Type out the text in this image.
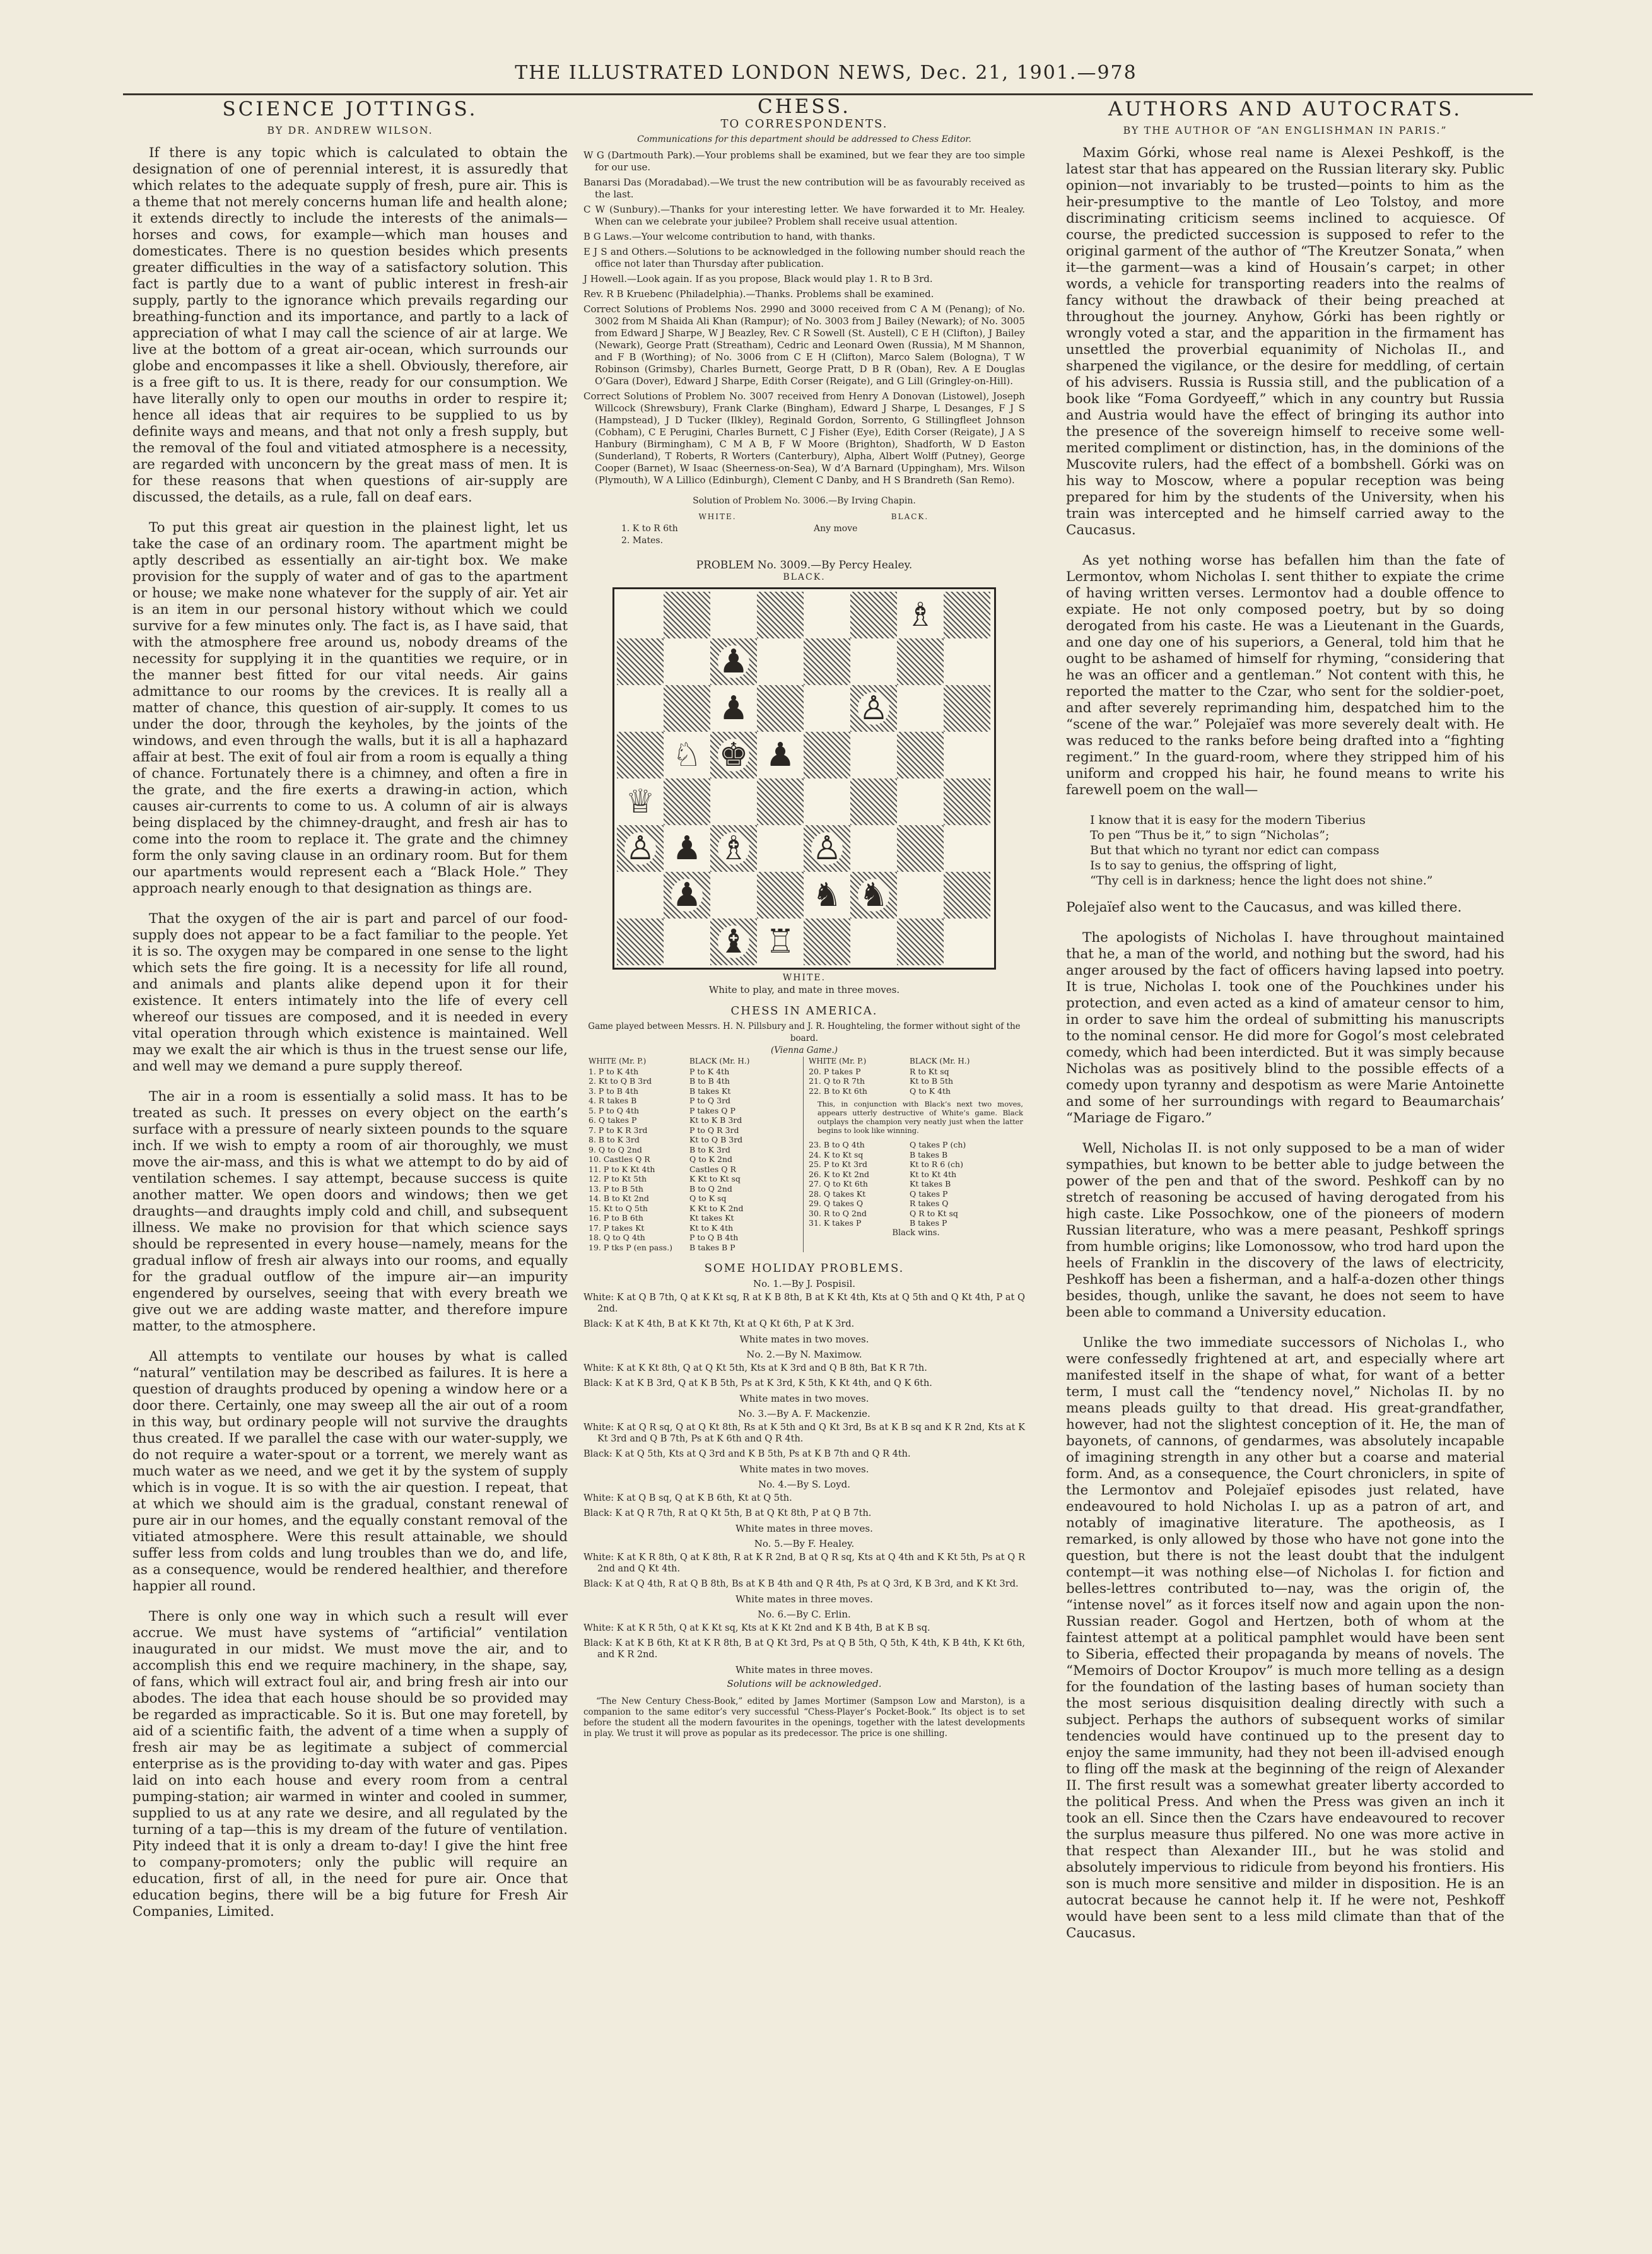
THE ILLUSTRATED LONDON NEWS, Dec. 21, 1901.—978
SCIENCE JOTTINGS.
BY DR. ANDREW WILSON.

If there is any topic which is calculated to obtain the designation of one of perennial interest, it is assuredly that which relates to the adequate supply of fresh, pure air. This is a theme that not merely concerns human life and health alone; it extends directly to include the interests of the animals—horses and cows, for example—which man houses and domesticates. There is no question besides which presents greater difficulties in the way of a satisfactory solution. This fact is partly due to a want of public interest in fresh-air supply, partly to the ignorance which prevails regarding our breathing-function and its importance, and partly to a lack of appreciation of what I may call the science of air at large. We live at the bottom of a great air-ocean, which surrounds our globe and encompasses it like a shell. Obviously, therefore, air is a free gift to us. It is there, ready for our consumption. We have literally only to open our mouths in order to respire it; hence all ideas that air requires to be supplied to us by definite ways and means, and that not only a fresh supply, but the removal of the foul and vitiated atmosphere is a necessity, are regarded with unconcern by the great mass of men. It is for these reasons that when questions of air-supply are discussed, the details, as a rule, fall on deaf ears.

To put this great air question in the plainest light, let us take the case of an ordinary room. The apartment might be aptly described as essentially an air-tight box. We make provision for the supply of water and of gas to the apartment or house; we make none whatever for the supply of air. Yet air is an item in our personal history without which we could survive for a few minutes only. The fact is, as I have said, that with the atmosphere free around us, nobody dreams of the necessity for supplying it in the quantities we require, or in the manner best fitted for our vital needs. Air gains admittance to our rooms by the crevices. It is really all a matter of chance, this question of air-supply. It comes to us under the door, through the keyholes, by the joints of the windows, and even through the walls, but it is all a haphazard affair at best. The exit of foul air from a room is equally a thing of chance. Fortunately there is a chimney, and often a fire in the grate, and the fire exerts a drawing-in action, which causes air-currents to come to us. A column of air is always being displaced by the chimney-draught, and fresh air has to come into the room to replace it. The grate and the chimney form the only saving clause in an ordinary room. But for them our apartments would represent each a “Black Hole.” They approach nearly enough to that designation as things are.

That the oxygen of the air is part and parcel of our food-supply does not appear to be a fact familiar to the people. Yet it is so. The oxygen may be compared in one sense to the light which sets the fire going. It is a necessity for life all round, and animals and plants alike depend upon it for their existence. It enters intimately into the life of every cell whereof our tissues are composed, and it is needed in every vital operation through which existence is maintained. Well may we exalt the air which is thus in the truest sense our life, and well may we demand a pure supply thereof.

The air in a room is essentially a solid mass. It has to be treated as such. It presses on every object on the earth’s surface with a pressure of nearly sixteen pounds to the square inch. If we wish to empty a room of air thoroughly, we must move the air-mass, and this is what we attempt to do by aid of ventilation schemes. I say attempt, because success is quite another matter. We open doors and windows; then we get draughts—and draughts imply cold and chill, and subsequent illness. We make no provision for that which science says should be represented in every house—namely, means for the gradual inflow of fresh air always into our rooms, and equally for the gradual outflow of the impure air—an impurity engendered by ourselves, seeing that with every breath we give out we are adding waste matter, and therefore impure matter, to the atmosphere.

All attempts to ventilate our houses by what is called “natural” ventilation may be described as failures. It is here a question of draughts produced by opening a window here or a door there. Certainly, one may sweep all the air out of a room in this way, but ordinary people will not survive the draughts thus created. If we parallel the case with our water-supply, we do not require a water-spout or a torrent, we merely want as much water as we need, and we get it by the system of supply which is in vogue. It is so with the air question. I repeat, that at which we should aim is the gradual, constant renewal of pure air in our homes, and the equally constant removal of the vitiated atmosphere. Were this result attainable, we should suffer less from colds and lung troubles than we do, and life, as a consequence, would be rendered healthier, and therefore happier all round.

There is only one way in which such a result will ever accrue. We must have systems of “artificial” ventilation inaugurated in our midst. We must move the air, and to accomplish this end we require machinery, in the shape, say, of fans, which will extract foul air, and bring fresh air into our abodes. The idea that each house should be so provided may be regarded as impracticable. So it is. But one may foretell, by aid of a scientific faith, the advent of a time when a supply of fresh air may be as legitimate a subject of commercial enterprise as is the providing to-day with water and gas. Pipes laid on into each house and every room from a central pumping-station; air warmed in winter and cooled in summer, supplied to us at any rate we desire, and all regulated by the turning of a tap—this is my dream of the future of ventilation. Pity indeed that it is only a dream to-day! I give the hint free to company-promoters; only the public will require an education, first of all, in the need for pure air. Once that education begins, there will be a big future for Fresh Air Companies, Limited.

CHESS.
TO CORRESPONDENTS.
Communications for this department should be addressed to Chess Editor.

W G (Dartmouth Park).—Your problems shall be examined, but we fear they are too simple for our use.

Banarsi Das (Moradabad).—We trust the new contribution will be as favourably received as the last.

C W (Sunbury).—Thanks for your interesting letter. We have forwarded it to Mr. Healey. When can we celebrate your jubilee? Problem shall receive usual attention.

B G Laws.—Your welcome contribution to hand, with thanks.

E J S and Others.—Solutions to be acknowledged in the following number should reach the office not later than Thursday after publication.

J Howell.—Look again. If as you propose, Black would play 1. R to B 3rd.

Rev. R B Kruebenc (Philadelphia).—Thanks. Problems shall be examined.

Correct Solutions of Problems Nos. 2990 and 3000 received from C A M (Penang); of No. 3002 from M Shaida Ali Khan (Rampur); of No. 3003 from J Bailey (Newark); of No. 3005 from Edward J Sharpe, W J Beazley, Rev. C R Sowell (St. Austell), C E H (Clifton), J Bailey (Newark), George Pratt (Streatham), Cedric and Leonard Owen (Russia), M M Shannon, and F B (Worthing); of No. 3006 from C E H (Clifton), Marco Salem (Bologna), T W Robinson (Grimsby), Charles Burnett, George Pratt, D B R (Oban), Rev. A E Douglas O’Gara (Dover), Edward J Sharpe, Edith Corser (Reigate), and G Lill (Gringley-on-Hill).

Correct Solutions of Problem No. 3007 received from Henry A Donovan (Listowel), Joseph Willcock (Shrewsbury), Frank Clarke (Bingham), Edward J Sharpe, L Desanges, F J S (Hampstead), J D Tucker (Ilkley), Reginald Gordon, Sorrento, G Stillingfleet Johnson (Cobham), C E Perugini, Charles Burnett, C J Fisher (Eye), Edith Corser (Reigate), J A S Hanbury (Birmingham), C M A B, F W Moore (Brighton), Shadforth, W D Easton (Sunderland), T Roberts, R Worters (Canterbury), Alpha, Albert Wolff (Putney), George Cooper (Barnet), W Isaac (Sheerness-on-Sea), W d’A Barnard (Uppingham), Mrs. Wilson (Plymouth), W A Lillico (Edinburgh), Clement C Danby, and H S Brandreth (San Remo).

Solution of Problem No. 3006.—By Irving Chapin.
WHITE.	BLACK.
1. K to R 6th	Any move
2. Mates.
PROBLEM No. 3009.—By Percy Healey.
BLACK.
♗
♟
♟	♙
♘ ♚ ♟
♕
♙ ♟ ♗ ♙
♟	♞ ♞
♝ ♖
WHITE.
White to play, and mate in three moves.
CHESS IN AMERICA.
Game played between Messrs. H. N. Pillsbury and J. R. Houghteling, the former without sight of the board.
(Vienna Game.)
WHITE (Mr. P.)	BLACK (Mr. H.)
1. P to K 4th	P to K 4th
2. Kt to Q B 3rd	B to B 4th
3. P to B 4th	B takes Kt
4. R takes B	P to Q 3rd
5. P to Q 4th	P takes Q P
6. Q takes P	Kt to K B 3rd
7. P to K R 3rd	P to Q R 3rd
8. B to K 3rd	Kt to Q B 3rd
9. Q to Q 2nd	B to K 3rd
10. Castles Q R	Q to K 2nd
11. P to K Kt 4th	Castles Q R
12. P to Kt 5th	K Kt to Kt sq
13. P to B 5th	B to Q 2nd
14. B to Kt 2nd	Q to K sq
15. Kt to Q 5th	K Kt to K 2nd
16. P to B 6th	Kt takes Kt
17. P takes Kt	Kt to K 4th
18. Q to Q 4th	P to Q B 4th
19. P tks P (en pass.)	B takes B P
WHITE (Mr. P.)	BLACK (Mr. H.)
20. P takes P	R to Kt sq
21. Q to R 7th	Kt to B 5th
22. B to Kt 6th	Q to K 4th
This, in conjunction with Black’s next two moves, appears utterly destructive of White’s game. Black outplays the champion very neatly just when the latter begins to look like winning.
23. B to Q 4th	Q takes P (ch)
24. K to Kt sq	B takes B
25. P to Kt 3rd	Kt to R 6 (ch)
26. K to Kt 2nd	Kt to Kt 4th
27. Q to Kt 6th	Kt takes B
28. Q takes Kt	Q takes P
29. Q takes Q	R takes Q
30. R to Q 2nd	Q R to Kt sq
31. K takes P	B takes P
Black wins.
SOME HOLIDAY PROBLEMS.

No. 1.—By J. Pospisil.

White: K at Q B 7th, Q at K Kt sq, R at K B 8th, B at K Kt 4th, Kts at Q 5th and Q Kt 4th, P at Q 2nd.

Black: K at K 4th, B at K Kt 7th, Kt at Q Kt 6th, P at K 3rd.

White mates in two moves.

No. 2.—By N. Maximow.

White: K at K Kt 8th, Q at Q Kt 5th, Kts at K 3rd and Q B 8th, Bat K R 7th.

Black: K at K B 3rd, Q at K B 5th, Ps at K 3rd, K 5th, K Kt 4th, and Q K 6th.

White mates in two moves.

No. 3.—By A. F. Mackenzie.

White: K at Q R sq, Q at Q Kt 8th, Rs at K 5th and Q Kt 3rd, Bs at K B sq and K R 2nd, Kts at K Kt 3rd and Q B 7th, Ps at K 6th and Q R 4th.

Black: K at Q 5th, Kts at Q 3rd and K B 5th, Ps at K B 7th and Q R 4th.

White mates in two moves.

No. 4.—By S. Loyd.

White: K at Q B sq, Q at K B 6th, Kt at Q 5th.

Black: K at Q R 7th, R at Q Kt 5th, B at Q Kt 8th, P at Q B 7th.

White mates in three moves.

No. 5.—By F. Healey.

White: K at K R 8th, Q at K 8th, R at K R 2nd, B at Q R sq, Kts at Q 4th and K Kt 5th, Ps at Q R 2nd and Q Kt 4th.

Black: K at Q 4th, R at Q B 8th, Bs at K B 4th and Q R 4th, Ps at Q 3rd, K B 3rd, and K Kt 3rd.

White mates in three moves.

No. 6.—By C. Erlin.

White: K at K R 5th, Q at K Kt sq, Kts at K Kt 2nd and K B 4th, B at K B sq.

Black: K at K B 6th, Kt at K R 8th, B at Q Kt 3rd, Ps at Q B 5th, Q 5th, K 4th, K B 4th, K Kt 6th, and K R 2nd.

White mates in three moves.

Solutions will be acknowledged.
“The New Century Chess-Book,” edited by James Mortimer (Sampson Low and Marston), is a companion to the same editor’s very successful “Chess-Player’s Pocket-Book.” Its object is to set before the student all the modern favourites in the openings, together with the latest developments in play. We trust it will prove as popular as its predecessor. The price is one shilling.
AUTHORS AND AUTOCRATS.
BY THE AUTHOR OF “AN ENGLISHMAN IN PARIS.”

Maxim Górki, whose real name is Alexei Peshkoff, is the latest star that has appeared on the Russian literary sky. Public opinion—not invariably to be trusted—points to him as the heir-presumptive to the mantle of Leo Tolstoy, and more discriminating criticism seems inclined to acquiesce. Of course, the predicted succession is supposed to refer to the original garment of the author of “The Kreutzer Sonata,” when it—the garment—was a kind of Housain’s carpet; in other words, a vehicle for transporting readers into the realms of fancy without the drawback of their being preached at throughout the journey. Anyhow, Górki has been rightly or wrongly voted a star, and the apparition in the firmament has unsettled the proverbial equanimity of Nicholas II., and sharpened the vigilance, or the desire for meddling, of certain of his advisers. Russia is Russia still, and the publication of a book like “Foma Gordyeeff,” which in any country but Russia and Austria would have the effect of bringing its author into the presence of the sovereign himself to receive some well-merited compliment or distinction, has, in the dominions of the Muscovite rulers, had the effect of a bombshell. Górki was on his way to Moscow, where a popular reception was being prepared for him by the students of the University, when his train was intercepted and he himself carried away to the Caucasus.

As yet nothing worse has befallen him than the fate of Lermontov, whom Nicholas I. sent thither to expiate the crime of having written verses. Lermontov had a double offence to expiate. He not only composed poetry, but by so doing derogated from his caste. He was a Lieutenant in the Guards, and one day one of his superiors, a General, told him that he ought to be ashamed of himself for rhyming, “considering that he was an officer and a gentleman.” Not content with this, he reported the matter to the Czar, who sent for the soldier-poet, and after severely reprimanding him, despatched him to the “scene of the war.” Polejaïef was more severely dealt with. He was reduced to the ranks before being drafted into a “fighting regiment.” In the guard-room, where they stripped him of his uniform and cropped his hair, he found means to write his farewell poem on the wall—

I know that it is easy for the modern Tiberius
To pen “Thus be it,” to sign “Nicholas”;
But that which no tyrant nor edict can compass
Is to say to genius, the offspring of light,
“Thy cell is in darkness; hence the light does not shine.”

Polejaïef also went to the Caucasus, and was killed there.

The apologists of Nicholas I. have throughout maintained that he, a man of the world, and nothing but the sword, had his anger aroused by the fact of officers having lapsed into poetry. It is true, Nicholas I. took one of the Pouchkines under his protection, and even acted as a kind of amateur censor to him, in order to save him the ordeal of submitting his manuscripts to the nominal censor. He did more for Gogol’s most celebrated comedy, which had been interdicted. But it was simply because Nicholas was as positively blind to the possible effects of a comedy upon tyranny and despotism as were Marie Antoinette and some of her surroundings with regard to Beaumarchais’ “Mariage de Figaro.”

Well, Nicholas II. is not only supposed to be a man of wider sympathies, but known to be better able to judge between the power of the pen and that of the sword. Peshkoff can by no stretch of reasoning be accused of having derogated from his high caste. Like Possochkow, one of the pioneers of modern Russian literature, who was a mere peasant, Peshkoff springs from humble origins; like Lomonossow, who trod hard upon the heels of Franklin in the discovery of the laws of electricity, Peshkoff has been a fisherman, and a half-a-dozen other things besides, though, unlike the savant, he does not seem to have been able to command a University education.

Unlike the two immediate successors of Nicholas I., who were confessedly frightened at art, and especially where art manifested itself in the shape of what, for want of a better term, I must call the “tendency novel,” Nicholas II. by no means pleads guilty to that dread. His great-grandfather, however, had not the slightest conception of it. He, the man of bayonets, of cannons, of gendarmes, was absolutely incapable of imagining strength in any other but a coarse and material form. And, as a consequence, the Court chroniclers, in spite of the Lermontov and Polejaïef episodes just related, have endeavoured to hold Nicholas I. up as a patron of art, and notably of imaginative literature. The apotheosis, as I remarked, is only allowed by those who have not gone into the question, but there is not the least doubt that the indulgent contempt—it was nothing else—of Nicholas I. for fiction and belles-lettres contributed to—nay, was the origin of, the “intense novel” as it forces itself now and again upon the non-Russian reader. Gogol and Hertzen, both of whom at the faintest attempt at a political pamphlet would have been sent to Siberia, effected their propaganda by means of novels. The “Memoirs of Doctor Kroupov” is much more telling as a design for the foundation of the lasting bases of human society than the most serious disquisition dealing directly with such a subject. Perhaps the authors of subsequent works of similar tendencies would have continued up to the present day to enjoy the same immunity, had they not been ill-advised enough to fling off the mask at the beginning of the reign of Alexander II. The first result was a somewhat greater liberty accorded to the political Press. And when the Press was given an inch it took an ell. Since then the Czars have endeavoured to recover the surplus measure thus pilfered. No one was more active in that respect than Alexander III., but he was stolid and absolutely impervious to ridicule from beyond his frontiers. His son is much more sensitive and milder in disposition. He is an autocrat because he cannot help it. If he were not, Peshkoff would have been sent to a less mild climate than that of the Caucasus.
